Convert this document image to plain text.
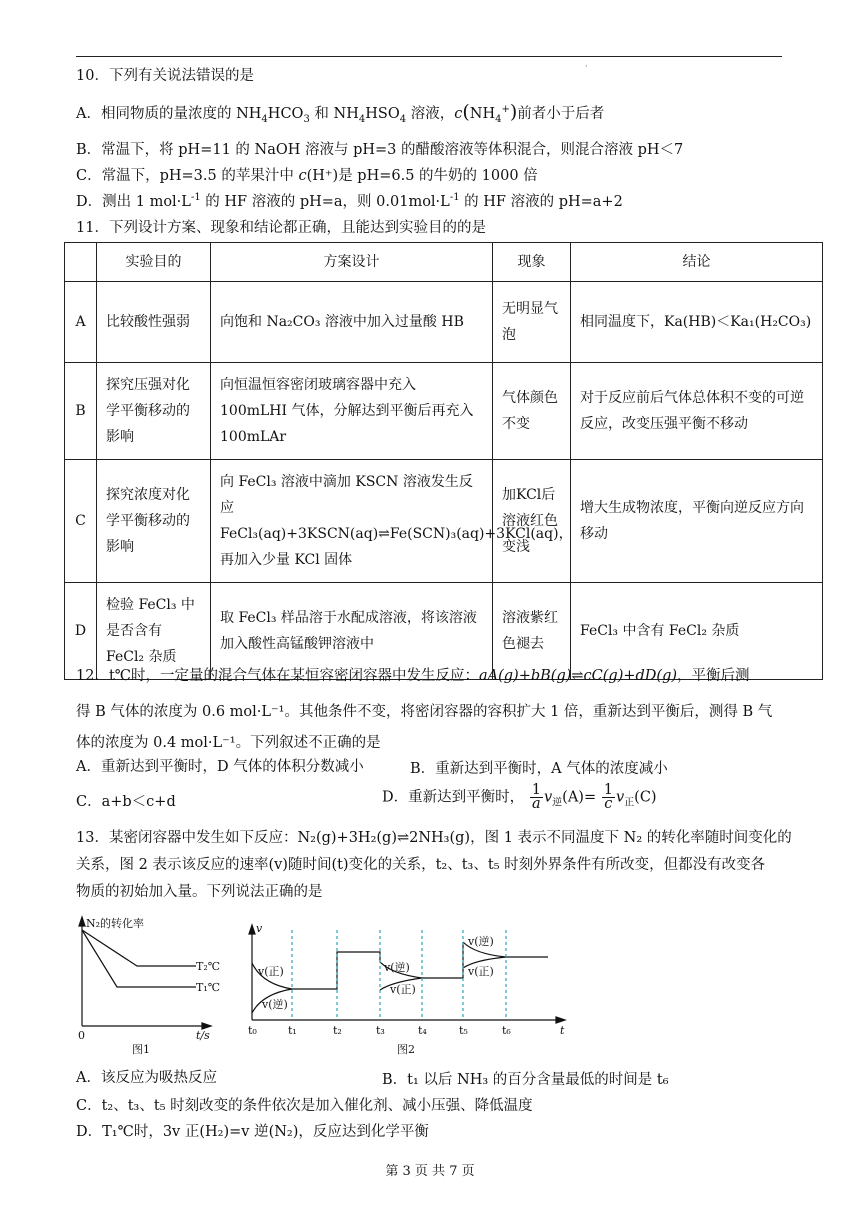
·
10．下列有关说法错误的是
A．相同物质的量浓度的 $NH_4HCO_3$ 和 $NH_4HSO_4$ 溶液，$c(NH_4^+)$前者小于后者
B．常温下，将 pH=11 的 NaOH 溶液与 pH=3 的醋酸溶液等体积混合，则混合溶液 pH＜7
C．常温下，pH=3.5 的苹果汁中 c(H⁺)是 pH=6.5 的牛奶的 1000 倍
D．测出 1 $mol\cdot L^{-1}$ 的 HF 溶液的 pH=a，则 $0.01mol\cdot L^{-1}$ 的 HF 溶液的 pH=a+2
11．下列设计方案、现象和结论都正确，且能达到实验目的的是
	实验目的	方案设计	现象	结论
A	比较酸性强弱	向饱和 Na₂CO₃ 溶液中加入过量酸 HB	无明显气泡	相同温度下，Ka(HB)＜Ka₁(H₂CO₃)
B	探究压强对化学平衡移动的影响	向恒温恒容密闭玻璃容器中充入100mLHI 气体，分解达到平衡后再充入100mLAr	气体颜色不变	对于反应前后气体总体积不变的可逆反应，改变压强平衡不移动
C	探究浓度对化学平衡移动的影响	向 FeCl₃ 溶液中滴加 KSCN 溶液发生反应
FeCl₃(aq)+3KSCN(aq)⇌Fe(SCN)₃(aq)+3KCl(aq)，再加入少量 KCl 固体	加KCl后溶液红色变浅	增大生成物浓度，平衡向逆反应方向移动
D	检验 FeCl₃ 中是否含有 FeCl₂ 杂质	取 FeCl₃ 样品溶于水配成溶液，将该溶液加入酸性高锰酸钾溶液中	溶液紫红色褪去	FeCl₃ 中含有 FeCl₂ 杂质
12．t℃时，一定量的混合气体在某恒容密闭容器中发生反应：aA(g)+bB(g)⇌cC(g)+dD(g)，平衡后测
得 B 气体的浓度为 0.6 mol·L⁻¹。其他条件不变，将密闭容器的容积扩大 1 倍，重新达到平衡后，测得 B 气
体的浓度为 0.4 mol·L⁻¹。下列叙述不正确的是
A．重新达到平衡时，D 气体的体积分数减小	B．重新达到平衡时，A 气体的浓度减小
C．a+b＜c+d	D．重新达到平衡时， $\frac{1}{a} v_逆(A)= \frac{1}{c} v_正(C)$
13．某密闭容器中发生如下反应：N₂(g)+3H₂(g)⇌2NH₃(g)，图 1 表示不同温度下 N₂ 的转化率随时间变化的
关系，图 2 表示该反应的速率(v)随时间(t)变化的关系，t₂、t₃、t₅ 时刻外界条件有所改变，但都没有改变各
物质的初始加入量。下列说法正确的是
N₂的转化率
0	t/s
T₂℃
T₁℃
图1
v
t
t₀	t₁	t₂	t₃	t₄	t₅	t₆
v(正)
v(逆)
v(逆)
v(正)
v(逆)
v(正)
图2
A．该反应为吸热反应	B．t₁ 以后 NH₃ 的百分含量最低的时间是 t₆
C．t₂、t₃、t₅ 时刻改变的条件依次是加入催化剂、减小压强、降低温度
D．T₁℃时，3v 正(H₂)=v 逆(N₂)，反应达到化学平衡
第 3 页 共 7 页
